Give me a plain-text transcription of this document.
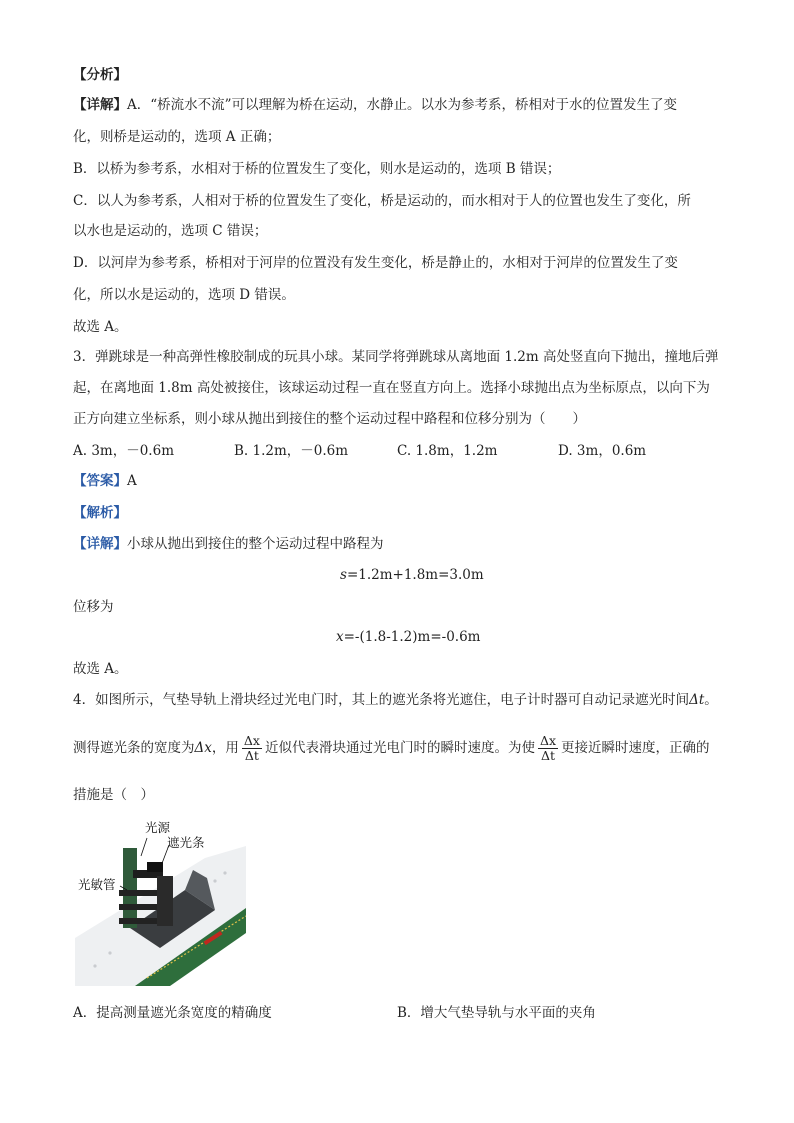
【分析】
【详解】A．“桥流水不流”可以理解为桥在运动，水静止。以水为参考系，桥相对于水的位置发生了变
化，则桥是运动的，选项 A 正确；
B．以桥为参考系，水相对于桥的位置发生了变化，则水是运动的，选项 B 错误；
C．以人为参考系，人相对于桥的位置发生了变化，桥是运动的，而水相对于人的位置也发生了变化，所
以水也是运动的，选项 C 错误；
D．以河岸为参考系，桥相对于河岸的位置没有发生变化，桥是静止的，水相对于河岸的位置发生了变
化，所以水是运动的，选项 D 错误。
故选 A。
3．弹跳球是一种高弹性橡胶制成的玩具小球。某同学将弹跳球从离地面 1.2m 高处竖直向下抛出，撞地后弹
起，在离地面 1.8m 高处被接住，该球运动过程一直在竖直方向上。选择小球抛出点为坐标原点，以向下为
正方向建立坐标系，则小球从抛出到接住的整个运动过程中路程和位移分别为（　　）
A. 3m，－0.6m	B. 1.2m，－0.6m	C. 1.8m，1.2m	D. 3m，0.6m
【答案】A
【解析】
【详解】小球从抛出到接住的整个运动过程中路程为
s=1.2m+1.8m=3.0m
位移为
x=-(1.8-1.2)m=-0.6m
故选 A。
4．如图所示，气垫导轨上滑块经过光电门时，其上的遮光条将光遮住，电子计时器可自动记录遮光时间Δt。
测得遮光条的宽度为Δx，用 $\frac{\Delta x}{\Delta t}$ 近似代表滑块通过光电门时的瞬时速度。为使 $\frac{\Delta x}{\Delta t}$ 更接近瞬时速度，正确的
措施是（　）
光源
遮光条
光敏管
A．提高测量遮光条宽度的精确度	B．增大气垫导轨与水平面的夹角
